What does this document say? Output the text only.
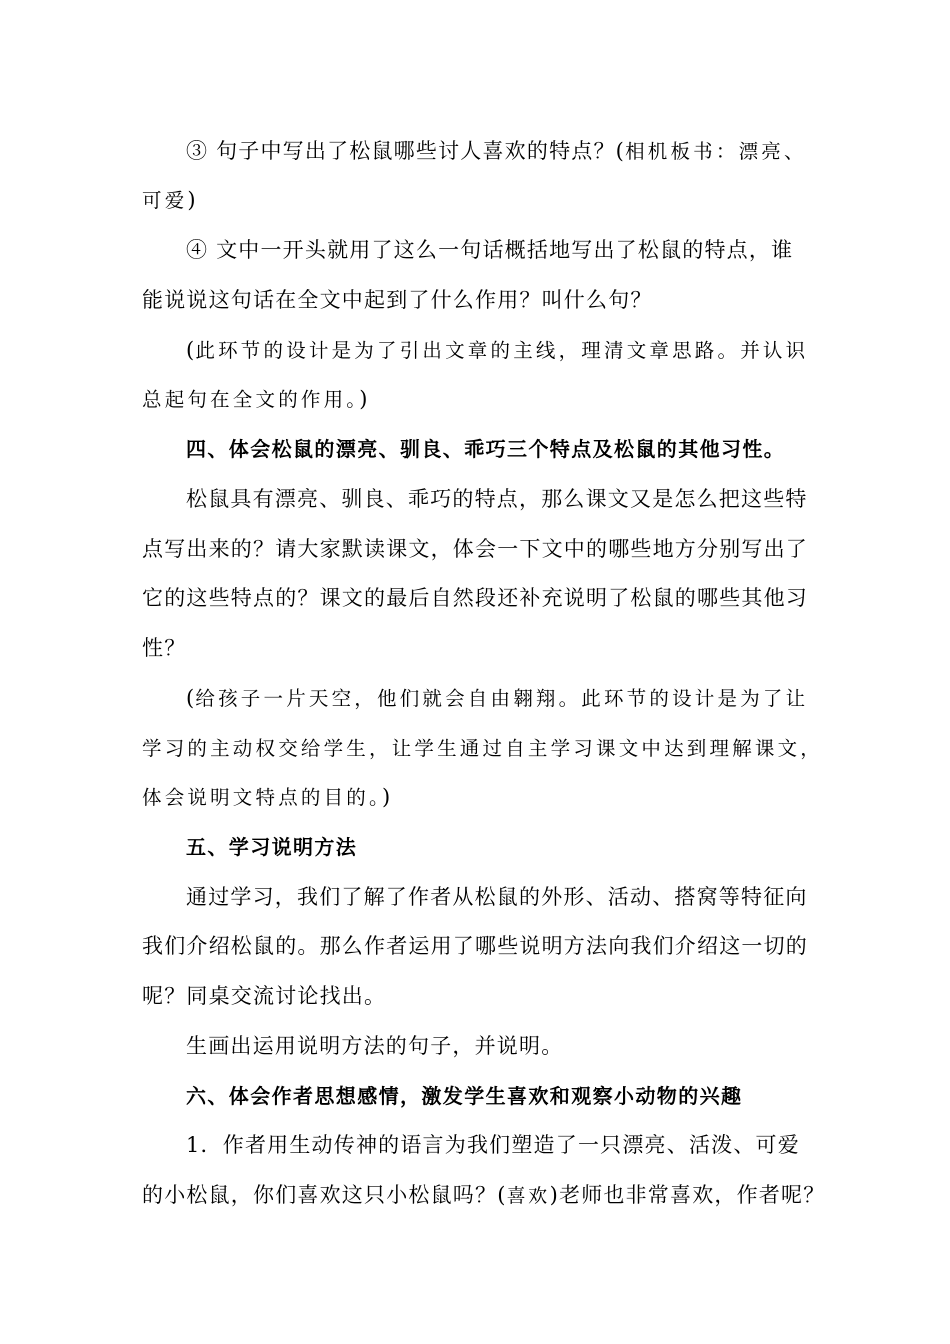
③ 句子中写出了松鼠哪些讨人喜欢的特点？(相机板书：漂亮、
可爱)
④ 文中一开头就用了这么一句话概括地写出了松鼠的特点，谁
能说说这句话在全文中起到了什么作用？叫什么句？
(此环节的设计是为了引出文章的主线，理清文章思路。并认识
总起句在全文的作用。)
四、体会松鼠的漂亮、驯良、乖巧三个特点及松鼠的其他习性。
松鼠具有漂亮、驯良、乖巧的特点，那么课文又是怎么把这些特
点写出来的？请大家默读课文，体会一下文中的哪些地方分别写出了
它的这些特点的？课文的最后自然段还补充说明了松鼠的哪些其他习
性？
(给孩子一片天空，他们就会自由翱翔。此环节的设计是为了让
学习的主动权交给学生，让学生通过自主学习课文中达到理解课文，
体会说明文特点的目的。)
五、学习说明方法
通过学习，我们了解了作者从松鼠的外形、活动、搭窝等特征向
我们介绍松鼠的。那么作者运用了哪些说明方法向我们介绍这一切的
呢？同桌交流讨论找出。
生画出运用说明方法的句子，并说明。
六、体会作者思想感情，激发学生喜欢和观察小动物的兴趣
1．作者用生动传神的语言为我们塑造了一只漂亮、活泼、可爱
的小松鼠，你们喜欢这只小松鼠吗？(喜欢)老师也非常喜欢，作者呢？
